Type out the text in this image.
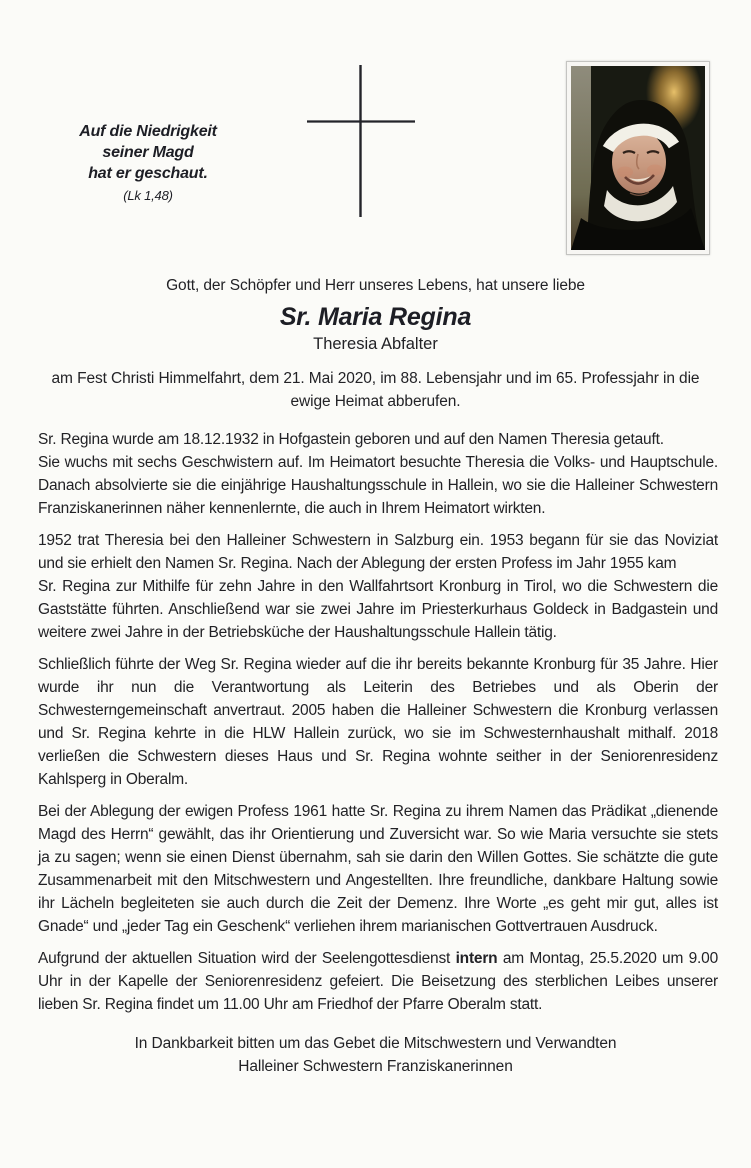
Auf die Niedrigkeit
seiner Magd
hat er geschaut.
(Lk 1,48)

Gott, der Schöpfer und Herr unseres Lebens, hat unsere liebe

Sr. Maria Regina
Theresia Abfalter

am Fest Christi Himmelfahrt, dem 21. Mai 2020, im 88. Lebensjahr und im 65. Professjahr in die ewige Heimat abberufen.

Sr. Regina wurde am 18.12.1932 in Hofgastein geboren und auf den Namen Theresia getauft.
Sie wuchs mit sechs Geschwistern auf. Im Heimatort besuchte Theresia die Volks- und Hauptschule. Danach absolvierte sie die einjährige Haushaltungsschule in Hallein, wo sie die Halleiner Schwestern Franziskanerinnen näher kennenlernte, die auch in Ihrem Heimatort wirkten.

1952 trat Theresia bei den Halleiner Schwestern in Salzburg ein. 1953 begann für sie das Noviziat und sie erhielt den Namen Sr. Regina. Nach der Ablegung der ersten Profess im Jahr 1955 kam
Sr. Regina zur Mithilfe für zehn Jahre in den Wallfahrtsort Kronburg in Tirol, wo die Schwestern die Gaststätte führten. Anschließend war sie zwei Jahre im Priesterkurhaus Goldeck in Badgastein und weitere zwei Jahre in der Betriebsküche der Haushaltungsschule Hallein tätig.

Schließlich führte der Weg Sr. Regina wieder auf die ihr bereits bekannte Kronburg für 35 Jahre. Hier wurde ihr nun die Verantwortung als Leiterin des Betriebes und als Oberin der Schwesterngemeinschaft anvertraut. 2005 haben die Halleiner Schwestern die Kronburg verlassen und Sr. Regina kehrte in die HLW Hallein zurück, wo sie im Schwesternhaushalt mithalf. 2018 verließen die Schwestern dieses Haus und Sr. Regina wohnte seither in der Seniorenresidenz Kahlsperg in Oberalm.

Bei der Ablegung der ewigen Profess 1961 hatte Sr. Regina zu ihrem Namen das Prädikat „dienende Magd des Herrn“ gewählt, das ihr Orientierung und Zuversicht war. So wie Maria versuchte sie stets ja zu sagen; wenn sie einen Dienst übernahm, sah sie darin den Willen Gottes. Sie schätzte die gute Zusammenarbeit mit den Mitschwestern und Angestellten. Ihre freundliche, dankbare Haltung sowie ihr Lächeln begleiteten sie auch durch die Zeit der Demenz. Ihre Worte „es geht mir gut, alles ist Gnade“ und „jeder Tag ein Geschenk“ verliehen ihrem marianischen Gottvertrauen Ausdruck.

Aufgrund der aktuellen Situation wird der Seelengottesdienst intern am Montag, 25.5.2020 um 9.00 Uhr in der Kapelle der Seniorenresidenz gefeiert. Die Beisetzung des sterblichen Leibes unserer lieben Sr. Regina findet um 11.00 Uhr am Friedhof der Pfarre Oberalm statt.

In Dankbarkeit bitten um das Gebet die Mitschwestern und Verwandten
Halleiner Schwestern Franziskanerinnen
